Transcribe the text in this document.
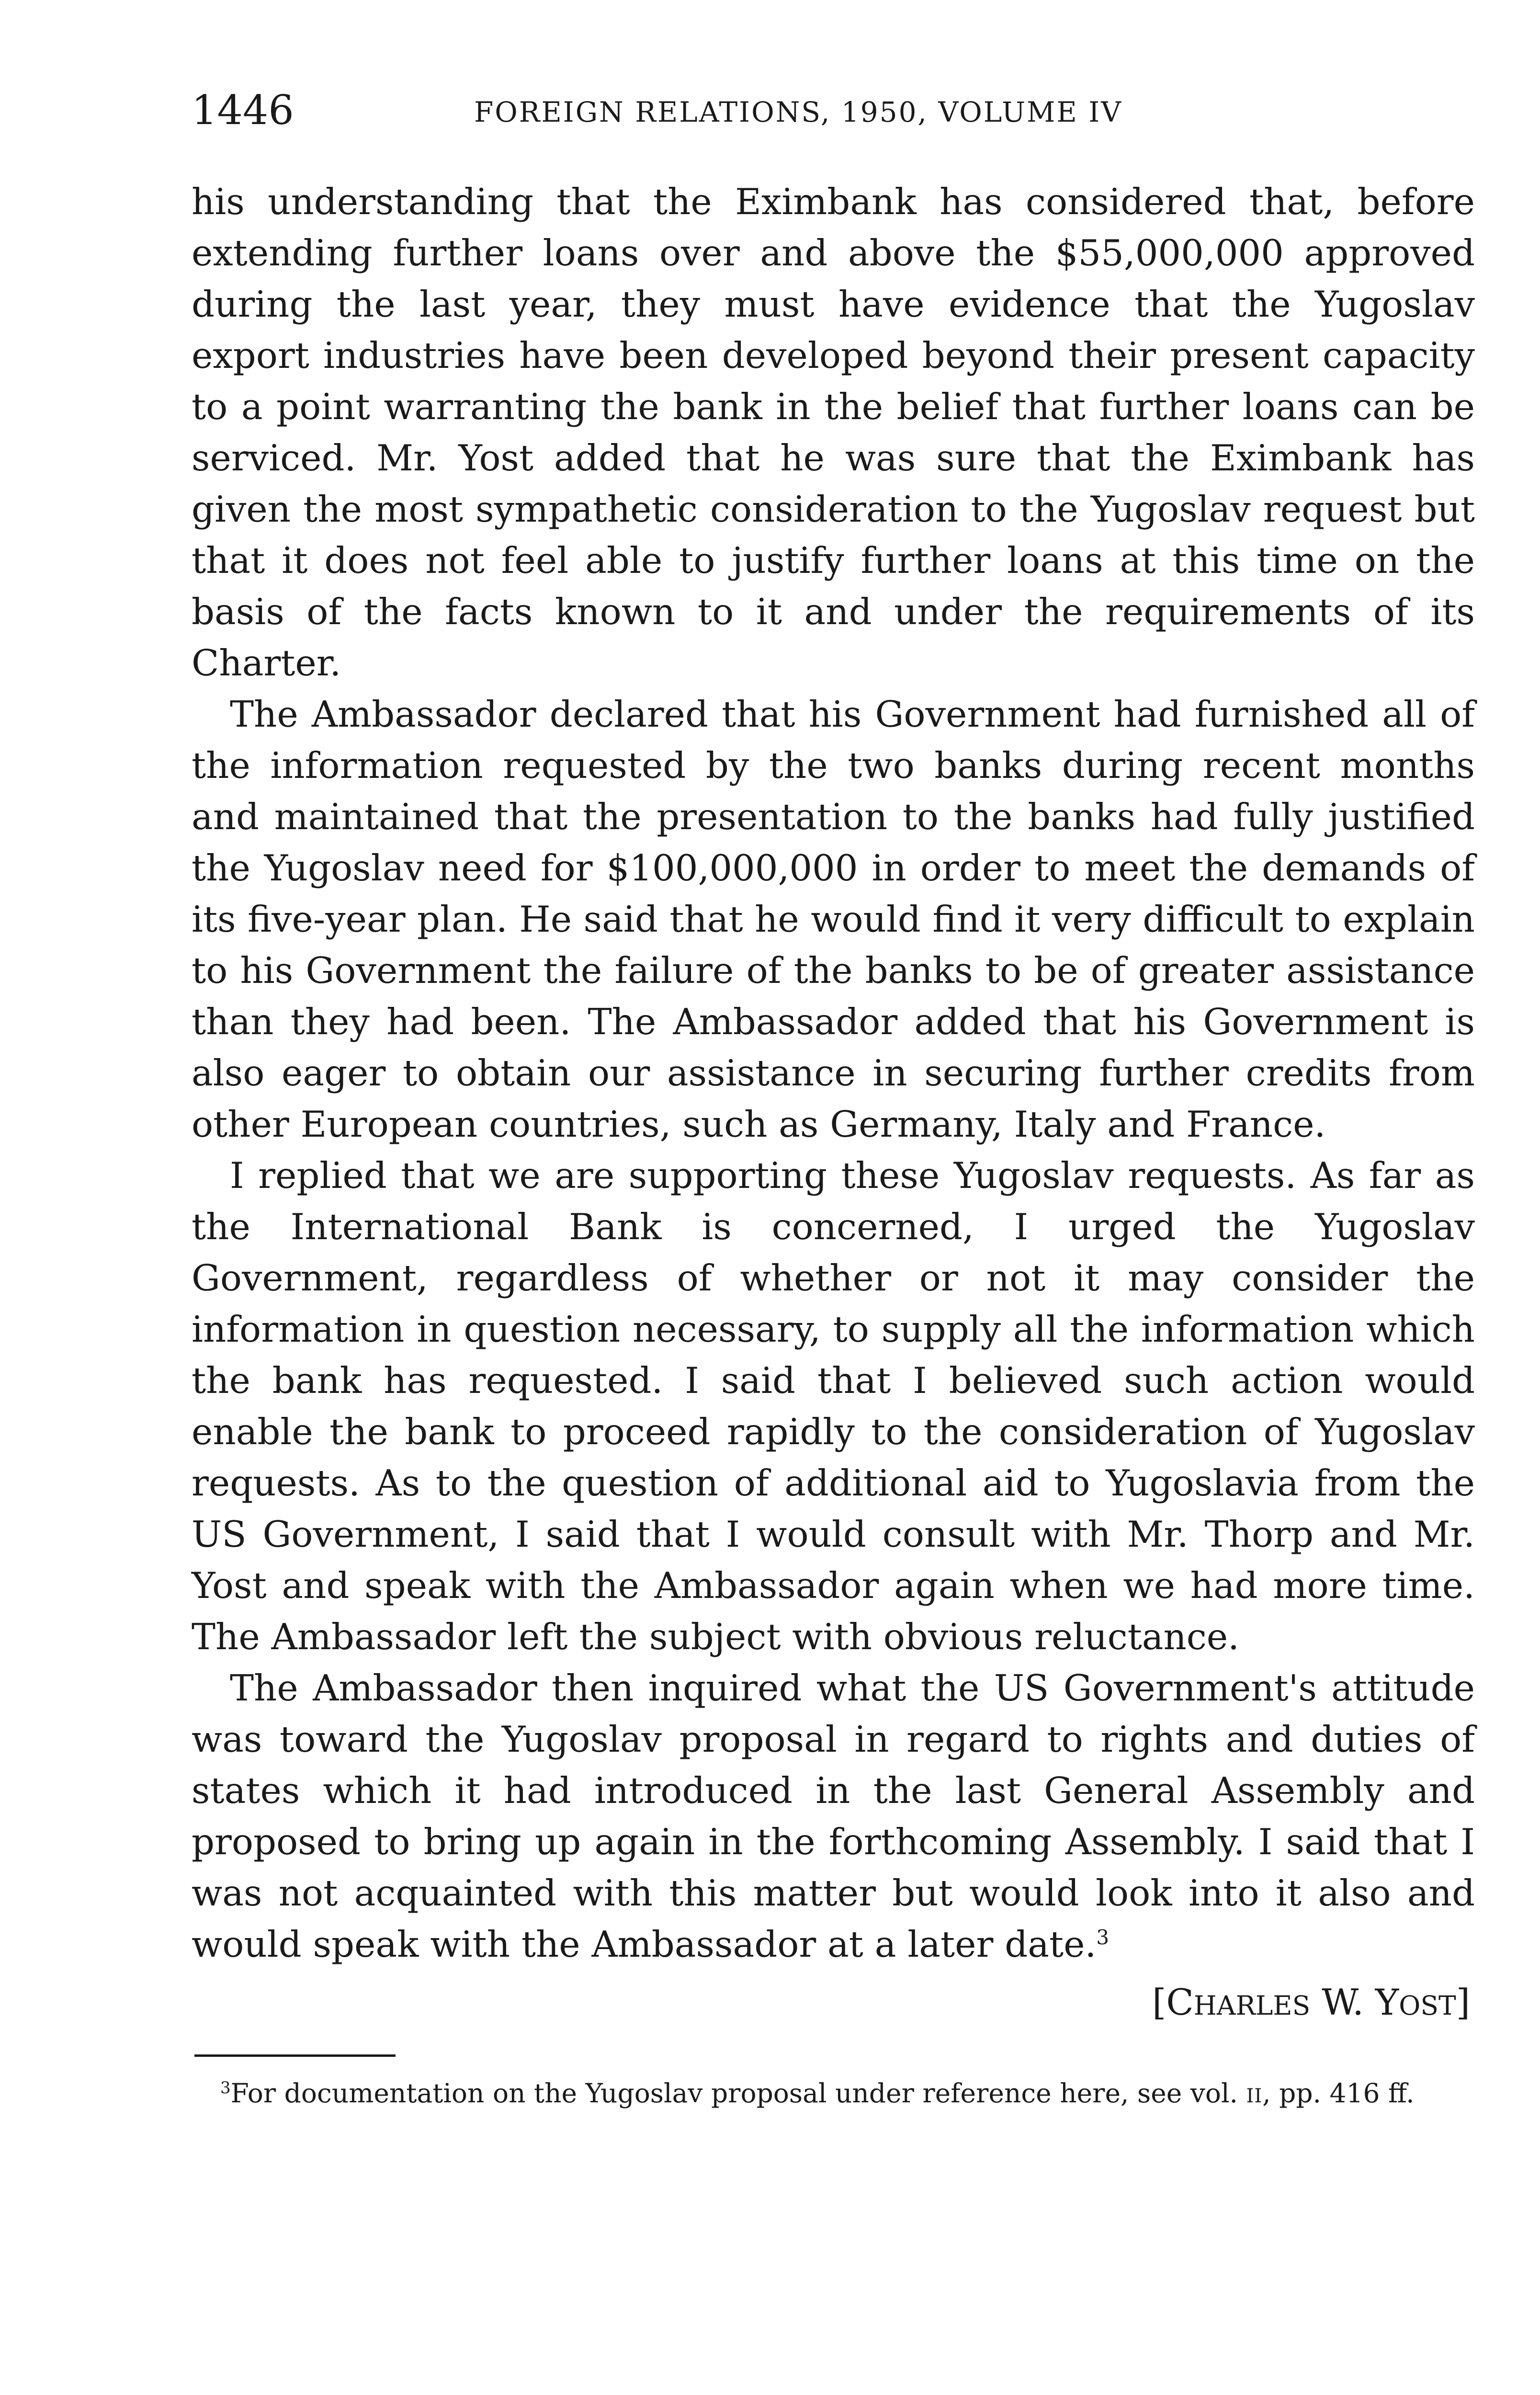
1446	FOREIGN RELATIONS, 1950, VOLUME IV

his understanding that the Eximbank has considered that, before extending further loans over and above the $55,000,000 approved during the last year, they must have evidence that the Yugoslav export industries have been developed beyond their present capacity to a point warranting the bank in the belief that further loans can be serviced. Mr. Yost added that he was sure that the Eximbank has given the most sympathetic consideration to the Yugoslav request but that it does not feel able to justify further loans at this time on the basis of the facts known to it and under the requirements of its Charter.

The Ambassador declared that his Government had furnished all of the information requested by the two banks during recent months and maintained that the presentation to the banks had fully justified the Yugoslav need for $100,000,000 in order to meet the demands of its five-year plan. He said that he would find it very difficult to explain to his Government the failure of the banks to be of greater assistance than they had been. The Ambassador added that his Government is also eager to obtain our assistance in securing further credits from other European countries, such as Germany, Italy and France.

I replied that we are supporting these Yugoslav requests. As far as the International Bank is concerned, I urged the Yugoslav Government, regardless of whether or not it may consider the information in question necessary, to supply all the information which the bank has requested. I said that I believed such action would enable the bank to proceed rapidly to the consideration of Yugoslav requests. As to the question of additional aid to Yugoslavia from the US Government, I said that I would consult with Mr. Thorp and Mr. Yost and speak with the Ambassador again when we had more time. The Ambassador left the subject with obvious reluctance.

The Ambassador then inquired what the US Government's attitude was toward the Yugoslav proposal in regard to rights and duties of states which it had introduced in the last General Assembly and proposed to bring up again in the forthcoming Assembly. I said that I was not acquainted with this matter but would look into it also and would speak with the Ambassador at a later date.$^3$

[CHARLES W. YOST]
$^3$For documentation on the Yugoslav proposal under reference here, see vol. II, pp. 416 ff.
